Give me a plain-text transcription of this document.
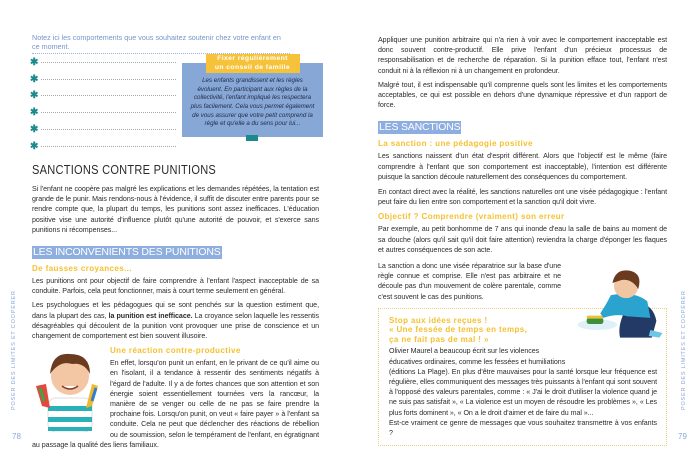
Notez ici les comportements que vous souhaitez soutenir chez votre enfant en ce moment.
✱
✱
✱
✱
✱
✱
Fixer régulièrement
un conseil de famille
Les enfants grandissent et les règles évoluent. En participant aux règles de la collectivité, l'enfant impliqué les respectera plus facilement. Cela vous permet également de vous assurer que votre petit comprend la règle et qu'elle a du sens pour lui...
SANCTIONS CONTRE PUNITIONS

Si l'enfant ne coopère pas malgré les explications et les demandes répétées, la tentation est grande de le punir. Mais rendons-nous à l'évidence, il suffit de discuter entre parents pour se rendre compte que, la plupart du temps, les punitions sont assez inefficaces. L'éducation positive vise une autorité d'influence plutôt qu'une autorité de pouvoir, et s'exerce sans punitions ni récompenses...

LES INCONVENIENTS DES PUNITIONS
De fausses croyances...

Les punitions ont pour objectif de faire comprendre à l'enfant l'aspect inacceptable de sa conduite. Parfois, cela peut fonctionner, mais à court terme seulement en général.

Les psychologues et les pédagogues qui se sont penchés sur la question estiment que, dans la plupart des cas, la punition est inefficace. La croyance selon laquelle les ressentis désagréables qui découlent de la punition vont provoquer une prise de conscience et un changement de comportement est bien souvent illusoire.

Une réaction contre-productive

En effet, lorsqu'on punit un enfant, en le privant de ce qu'il aime ou en l'isolant, il a tendance à ressentir des sentiments négatifs à l'égard de l'adulte. Il y a de fortes chances que son attention et son énergie soient essentiellement tournées vers la rancœur, la manière de se venger ou celle de ne pas se faire prendre la prochaine fois. Lorsqu'on punit, on veut « faire payer » à l'enfant sa conduite. Cela ne peut que déclencher des réactions de rébellion ou de soumission, selon le tempérament de l'enfant, en égratignant au passage la qualité des liens familiaux.

POSER DES LIMITES ET COOPÉRER
78

Appliquer une punition arbitraire qui n'a rien à voir avec le comportement inacceptable est donc souvent contre-productif. Elle prive l'enfant d'un précieux processus de responsabilisation et de recherche de réparation. Si la punition efface tout, l'enfant n'est conduit ni à la réflexion ni à un changement en profondeur.

Malgré tout, il est indispensable qu'il comprenne quels sont les limites et les comportements acceptables, ce qui est possible en dehors d'une dynamique répressive et d'un rapport de force.

LES SANCTIONS
La sanction : une pédagogie positive

Les sanctions naissent d'un état d'esprit différent. Alors que l'objectif est le même (faire comprendre à l'enfant que son comportement est inacceptable), l'intention est différente puisque la sanction découle naturellement des conséquences du comportement.

En contact direct avec la réalité, les sanctions naturelles ont une visée pédagogique : l'enfant peut faire du lien entre son comportement et la sanction qu'il doit vivre.

Objectif ? Comprendre (vraiment) son erreur

Par exemple, au petit bonhomme de 7 ans qui inonde d'eau la salle de bains au moment de sa douche (alors qu'il sait qu'il doit faire attention) reviendra la charge d'éponger les flaques et autres conséquences de son acte.

La sanction a donc une visée réparatrice sur la base d'une règle connue et comprise. Elle n'est pas arbitraire et ne découle pas d'un mouvement de colère parentale, comme c'est souvent le cas des punitions.

Stop aux idées reçues !
« Une fessée de temps en temps,
ça ne fait pas de mal ! »

Olivier Maurel a beaucoup écrit sur les violences éducatives ordinaires, comme les fessées et humiliations

(éditions La Plage). En plus d'être mauvaises pour la santé lorsque leur fréquence est régulière, elles communiquent des messages très puissants à l'enfant qui sont souvent à l'opposé des valeurs parentales, comme : « J'ai le droit d'utiliser la violence quand je ne suis pas satisfait », « La violence est un moyen de résoudre les problèmes », « Les plus forts dominent », « On a le droit d'aimer et de faire du mal »...

Est-ce vraiment ce genre de messages que vous souhaitez transmettre à vos enfants ?

POSER DES LIMITES ET COOPÉRER
79
